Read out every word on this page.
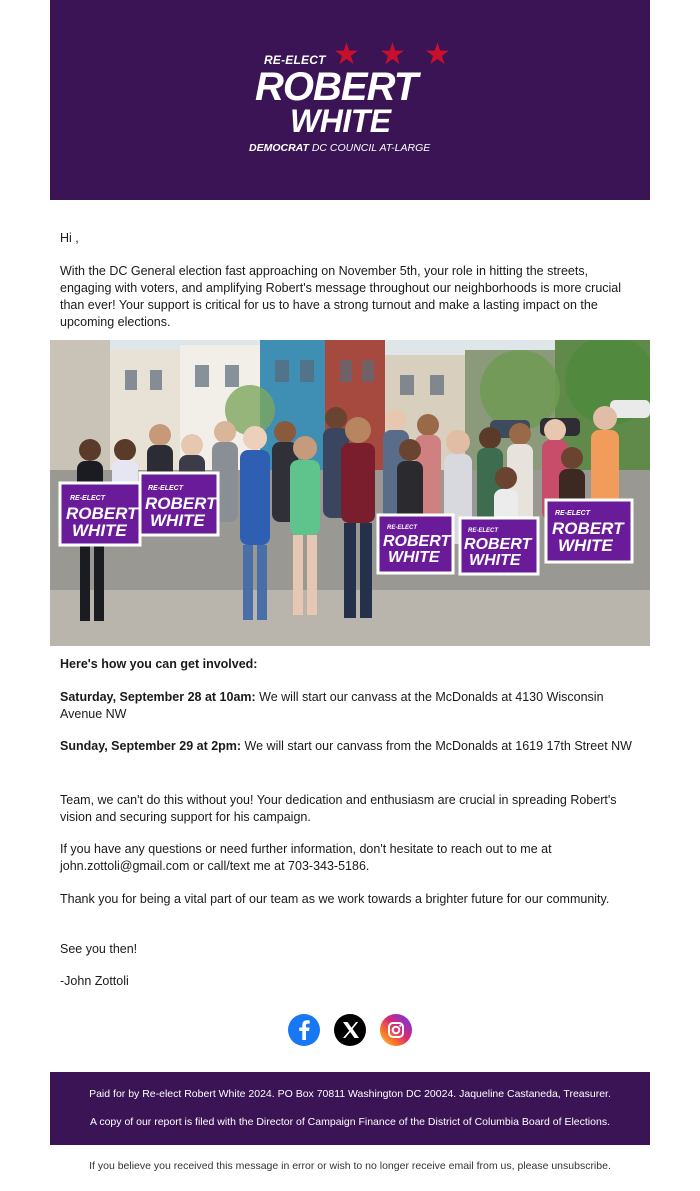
RE-ELECT ★ ★ ★
ROBERT
WHITE
DEMOCRAT DC COUNCIL AT-LARGE
Hi ,
With the DC General election fast approaching on November 5th, your role in hitting the streets, engaging with voters, and amplifying Robert's message throughout our neighborhoods is more crucial than ever! Your support is critical for us to have a strong turnout and make a lasting impact on the upcoming elections.
RE-ELECT
ROBERT
WHITE
RE-ELECT
ROBERT
WHITE	RE-ELECT
ROBERT
WHITE
RE-ELECT
ROBERT
WHITE
RE-ELECT
ROBERT
WHITE
Here's how you can get involved:
Saturday, September 28 at 10am: We will start our canvass at the McDonalds at 4130 Wisconsin Avenue NW
Sunday, September 29 at 2pm: We will start our canvass from the McDonalds at 1619 17th Street NW
Team, we can't do this without you! Your dedication and enthusiasm are crucial in spreading Robert's vision and securing support for his campaign.
If you have any questions or need further information, don't hesitate to reach out to me at john.zottoli@gmail.com or call/text me at 703-343-5186.
Thank you for being a vital part of our team as we work towards a brighter future for our community.
See you then!
-John Zottoli
Paid for by Re-elect Robert White 2024. PO Box 70811 Washington DC 20024. Jaqueline Castaneda, Treasurer.
A copy of our report is filed with the Director of Campaign Finance of the District of Columbia Board of Elections.
If you believe you received this message in error or wish to no longer receive email from us, please unsubscribe.
